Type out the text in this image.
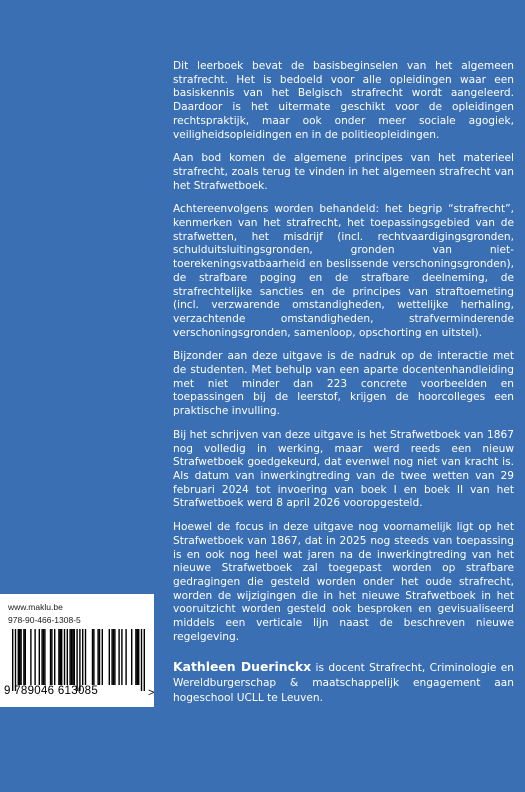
Dit leerboek bevat de basisbeginselen van het algemeen strafrecht. Het is bedoeld voor alle opleidingen waar een basiskennis van het Belgisch strafrecht wordt aangeleerd. Daardoor is het uitermate geschikt voor de opleidingen rechtspraktijk, maar ook onder meer sociale agogiek, veiligheidsopleidingen en in de politieopleidingen.

Aan bod komen de algemene principes van het materieel strafrecht, zoals terug te vinden in het algemeen strafrecht van het Strafwetboek.

Achtereenvolgens worden behandeld: het begrip “strafrecht”, kenmerken van het strafrecht, het toepassingsgebied van de strafwetten, het misdrijf (incl. rechtvaardigingsgronden, schulduitsluitingsgronden, gronden van niet-toerekeningsvatbaarheid en beslissende verschoningsgronden), de strafbare poging en de strafbare deelneming, de strafrechtelijke sancties en de principes van straftoemeting (incl. verzwarende omstandigheden, wettelijke herhaling, verzachtende omstandigheden, strafverminderende verschoningsgronden, samenloop, opschorting en uitstel).

Bijzonder aan deze uitgave is de nadruk op de interactie met de studenten. Met behulp van een aparte docentenhandleiding met niet minder dan 223 concrete voorbeelden en toepassingen bij de leerstof, krijgen de hoorcolleges een praktische invulling.

Bij het schrijven van deze uitgave is het Strafwetboek van 1867 nog volledig in werking, maar werd reeds een nieuw Strafwetboek goedgekeurd, dat evenwel nog niet van kracht is. Als datum van inwerkingtreding van de twee wetten van 29 februari 2024 tot invoering van boek I en boek II van het Strafwetboek werd 8 april 2026 vooropgesteld.

Hoewel de focus in deze uitgave nog voornamelijk ligt op het Strafwetboek van 1867, dat in 2025 nog steeds van toepassing is en ook nog heel wat jaren na de inwerkingtreding van het nieuwe Strafwetboek zal toegepast worden op strafbare gedragingen die gesteld worden onder het oude strafrecht, worden de wijzigingen die in het nieuwe Strafwetboek in het vooruitzicht worden gesteld ook besproken en gevisualiseerd middels een verticale lijn naast de beschreven nieuwe regelgeving.

Kathleen Duerinckx is docent Strafrecht, Criminologie en Wereldburgerschap & maatschappelijk engagement aan hogeschool UCLL te Leuven.
>
www.maklu.be
978-90-466-1308-5
9 789046 613085
